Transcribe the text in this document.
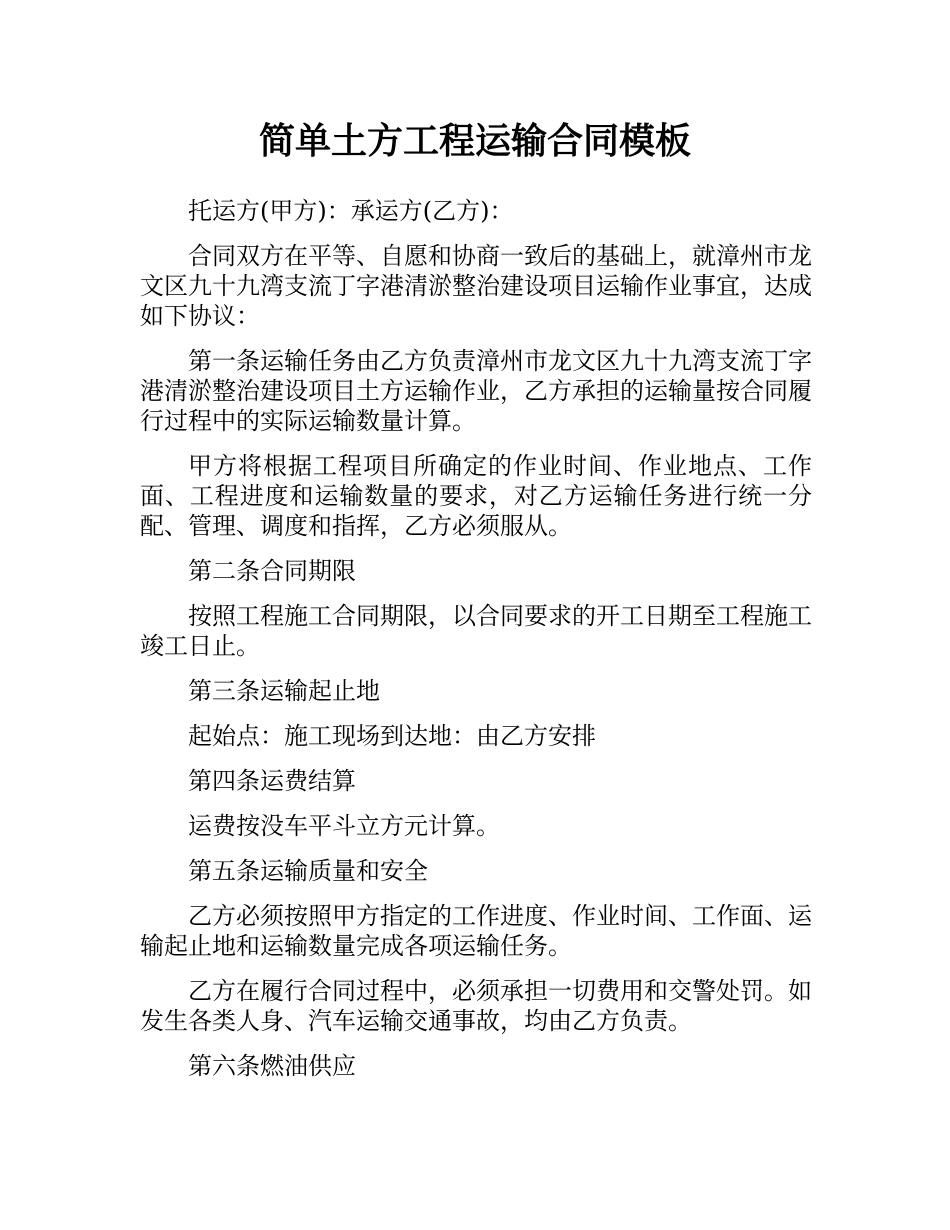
简单土方工程运输合同模板

托运方(甲方)：承运方(乙方)：

合同双方在平等、自愿和协商一致后的基础上，就漳州市龙文区九十九湾支流丁字港清淤整治建设项目运输作业事宜，达成如下协议：

第一条运输任务由乙方负责漳州市龙文区九十九湾支流丁字港清淤整治建设项目土方运输作业，乙方承担的运输量按合同履行过程中的实际运输数量计算。

甲方将根据工程项目所确定的作业时间、作业地点、工作面、工程进度和运输数量的要求，对乙方运输任务进行统一分配、管理、调度和指挥，乙方必须服从。

第二条合同期限

按照工程施工合同期限，以合同要求的开工日期至工程施工竣工日止。

第三条运输起止地

起始点：施工现场到达地：由乙方安排

第四条运费结算

运费按没车平斗立方元计算。

第五条运输质量和安全

乙方必须按照甲方指定的工作进度、作业时间、工作面、运输起止地和运输数量完成各项运输任务。

乙方在履行合同过程中，必须承担一切费用和交警处罚。如发生各类人身、汽车运输交通事故，均由乙方负责。

第六条燃油供应
